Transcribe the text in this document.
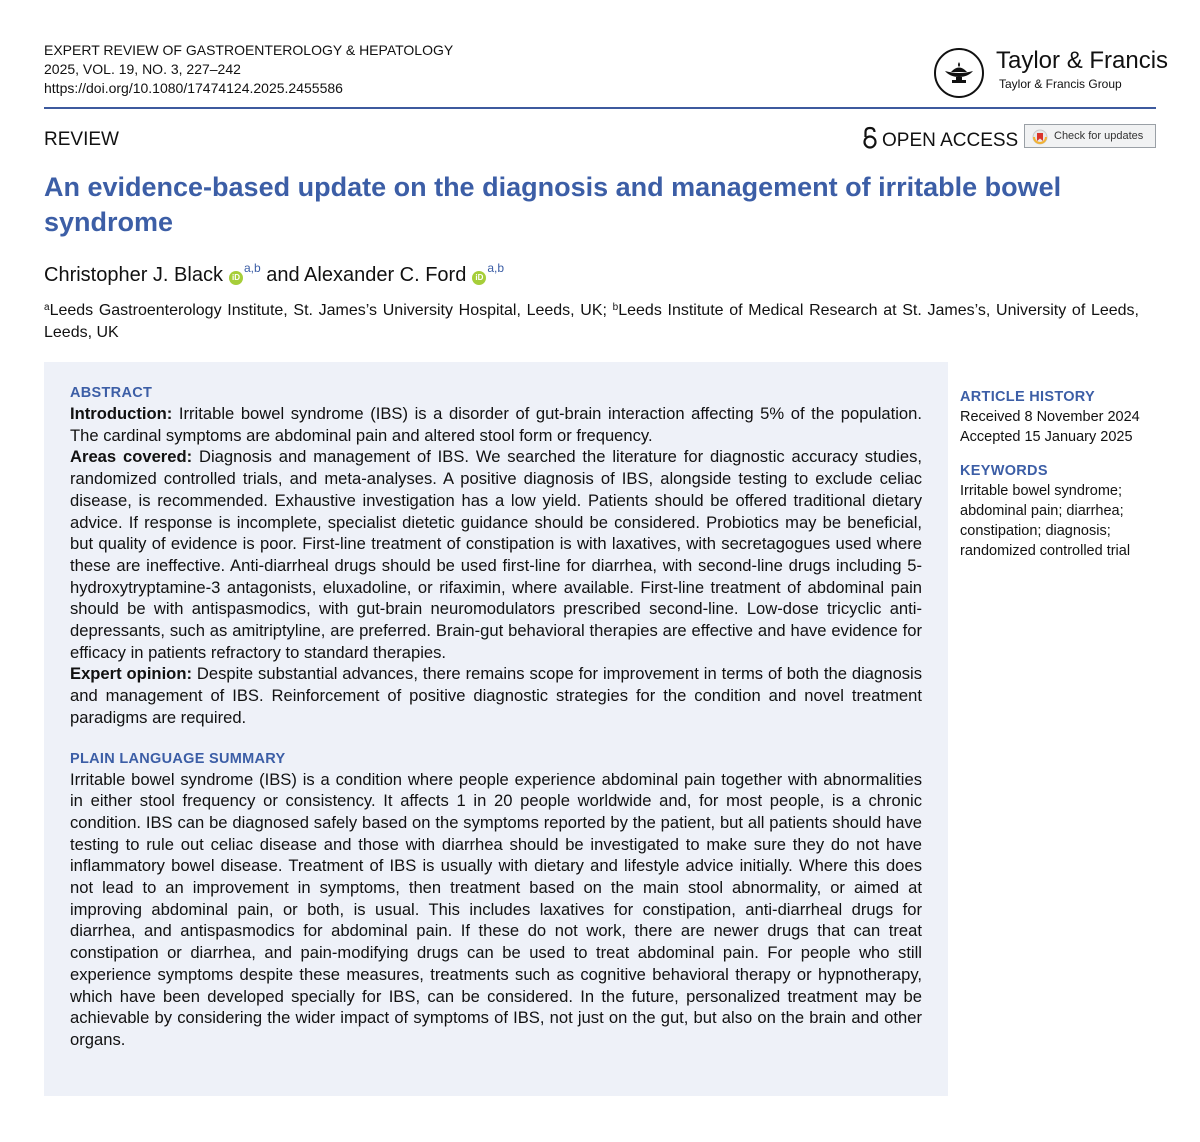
EXPERT REVIEW OF GASTROENTEROLOGY & HEPATOLOGY
2025, VOL. 19, NO. 3, 227–242
https://doi.org/10.1080/17474124.2025.2455586
Taylor & Francis
Taylor & Francis Group
REVIEW	OPEN ACCESS	Check for updates
An evidence-based update on the diagnosis and management of irritable bowel syndrome
Christopher J. Black iD$^{a,b}$ and Alexander C. Ford iD$^{a,b}$
$^a$Leeds Gastroenterology Institute, St. James’s University Hospital, Leeds, UK; $^b$Leeds Institute of Medical Research at St. James’s, University of Leeds, Leeds, UK
ABSTRACT
Introduction: Irritable bowel syndrome (IBS) is a disorder of gut-brain interaction affecting 5% of the population. The cardinal symptoms are abdominal pain and altered stool form or frequency.
Areas covered: Diagnosis and management of IBS. We searched the literature for diagnostic accuracy studies, randomized controlled trials, and meta-analyses. A positive diagnosis of IBS, alongside testing to exclude celiac disease, is recommended. Exhaustive investigation has a low yield. Patients should be offered traditional dietary advice. If response is incomplete, specialist dietetic guidance should be considered. Probiotics may be beneficial, but quality of evidence is poor. First-line treatment of constipation is with laxatives, with secretagogues used where these are ineffective. Anti-diarrheal drugs should be used first-line for diarrhea, with second-line drugs including 5-hydroxytryptamine-3 antagonists, eluxadoline, or rifaximin, where available. First-line treatment of abdominal pain should be with antispasmodics, with gut-brain neuromodulators prescribed second-line. Low-dose tricyclic anti-depressants, such as amitriptyline, are preferred. Brain-gut behavioral therapies are effective and have evidence for efficacy in patients refractory to standard therapies.
Expert opinion: Despite substantial advances, there remains scope for improvement in terms of both the diagnosis and management of IBS. Reinforcement of positive diagnostic strategies for the condition and novel treatment paradigms are required.
PLAIN LANGUAGE SUMMARY
Irritable bowel syndrome (IBS) is a condition where people experience abdominal pain together with abnormalities in either stool frequency or consistency. It affects 1 in 20 people worldwide and, for most people, is a chronic condition. IBS can be diagnosed safely based on the symptoms reported by the patient, but all patients should have testing to rule out celiac disease and those with diarrhea should be investigated to make sure they do not have inflammatory bowel disease. Treatment of IBS is usually with dietary and lifestyle advice initially. Where this does not lead to an improvement in symptoms, then treatment based on the main stool abnormality, or aimed at improving abdominal pain, or both, is usual. This includes laxatives for constipation, anti-diarrheal drugs for diarrhea, and antispasmodics for abdominal pain. If these do not work, there are newer drugs that can treat constipation or diarrhea, and pain-modifying drugs can be used to treat abdominal pain. For people who still experience symptoms despite these measures, treatments such as cognitive behavioral therapy or hypnotherapy, which have been developed specially for IBS, can be considered. In the future, personalized treatment may be achievable by considering the wider impact of symptoms of IBS, not just on the gut, but also on the brain and other organs.
ARTICLE HISTORY
Received 8 November 2024
Accepted 15 January 2025
KEYWORDS
Irritable bowel syndrome;
abdominal pain; diarrhea;
constipation; diagnosis;
randomized controlled trial
